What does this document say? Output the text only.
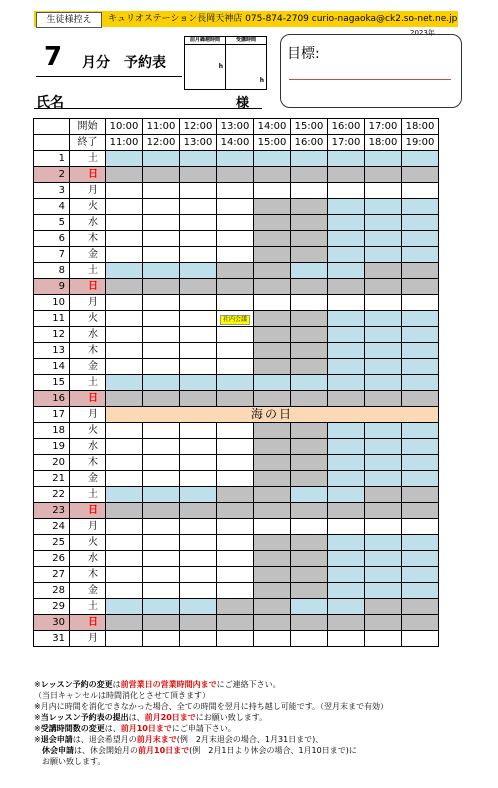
生徒様控え	キュリオステーション長岡天神店 075-874-2709 curio-nagaoka@ck2.so-net.ne.jp
2023年
7 月分　予約表
前月繰越時間
h
受講時間
h
目標:
氏名	様
	開始	10:00	11:00	12:00	13:00	14:00	15:00	16:00	17:00	18:00
	終了	11:00	12:00	13:00	14:00	15:00	16:00	17:00	18:00	19:00
1	土									
2	日									
3	月									
4	火									
5	水									
6	木									
7	金									
8	土									
9	日									
10	月									
11	火				社内会議					
12	水									
13	木									
14	金									
15	土									
16	日									
17	月	海の日								
18	火									
19	水									
20	木									
21	金									
22	土									
23	日									
24	月									
25	火									
26	水									
27	木									
28	金									
29	土									
30	日									
31	月									
※レッスン予約の変更は前営業日の営業時間内までにご連絡下さい。
（当日キャンセルは時間消化とさせて頂きます）
※月内に時間を消化できなかった場合、全ての時間を翌月に持ち越し可能です。（翌月末まで有効）
※当レッスン予約表の提出は、前月20日までにお願い致します。
※受講時間数の変更は、前月10日までにご申請下さい。
※退会申請は、退会希望月の前月末まで(例　2月末退会の場合、1月31日まで)、
　休会申請は、休会開始月の前月10日まで(例　2月1日より休会の場合、1月10日まで)に
　お願い致します。
